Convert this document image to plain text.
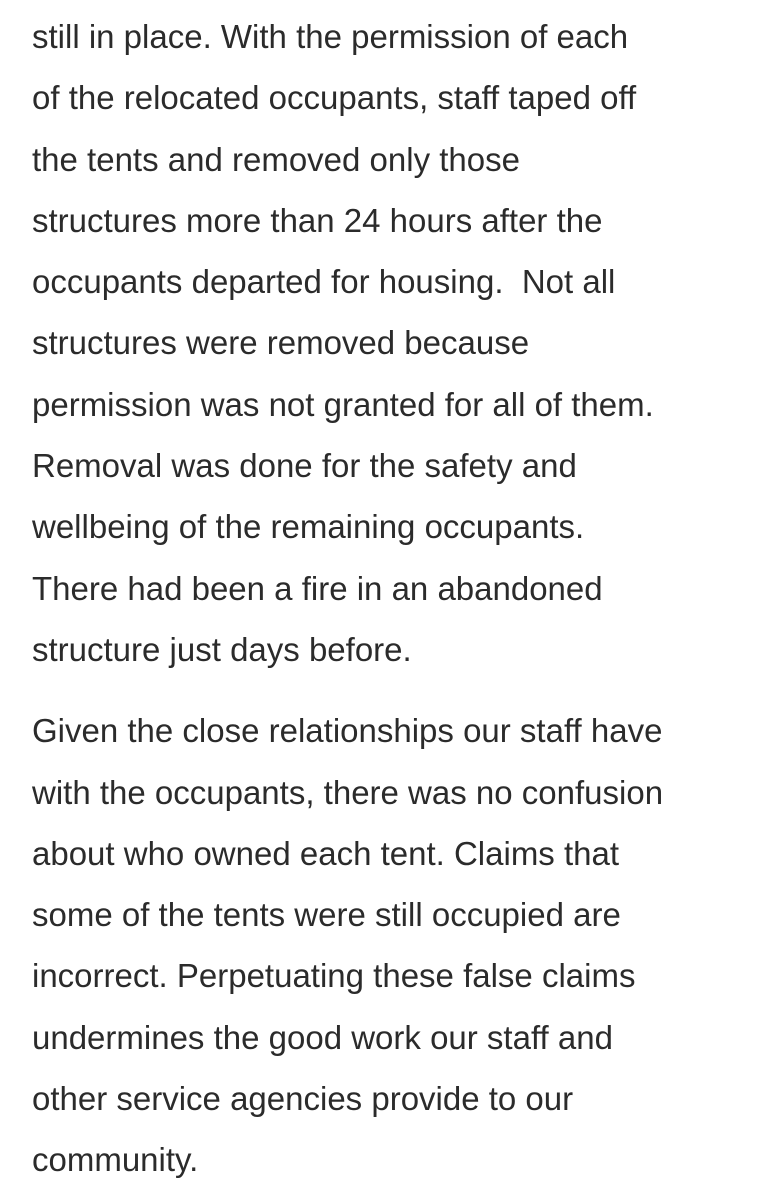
still in place. With the permission of each
of the relocated occupants, staff taped off
the tents and removed only those
structures more than 24 hours after the
occupants departed for housing.  Not all
structures were removed because
permission was not granted for all of them.
Removal was done for the safety and
wellbeing of the remaining occupants.
There had been a fire in an abandoned
structure just days before.

Given the close relationships our staff have
with the occupants, there was no confusion
about who owned each tent. Claims that
some of the tents were still occupied are
incorrect. Perpetuating these false claims
undermines the good work our staff and
other service agencies provide to our
community.
